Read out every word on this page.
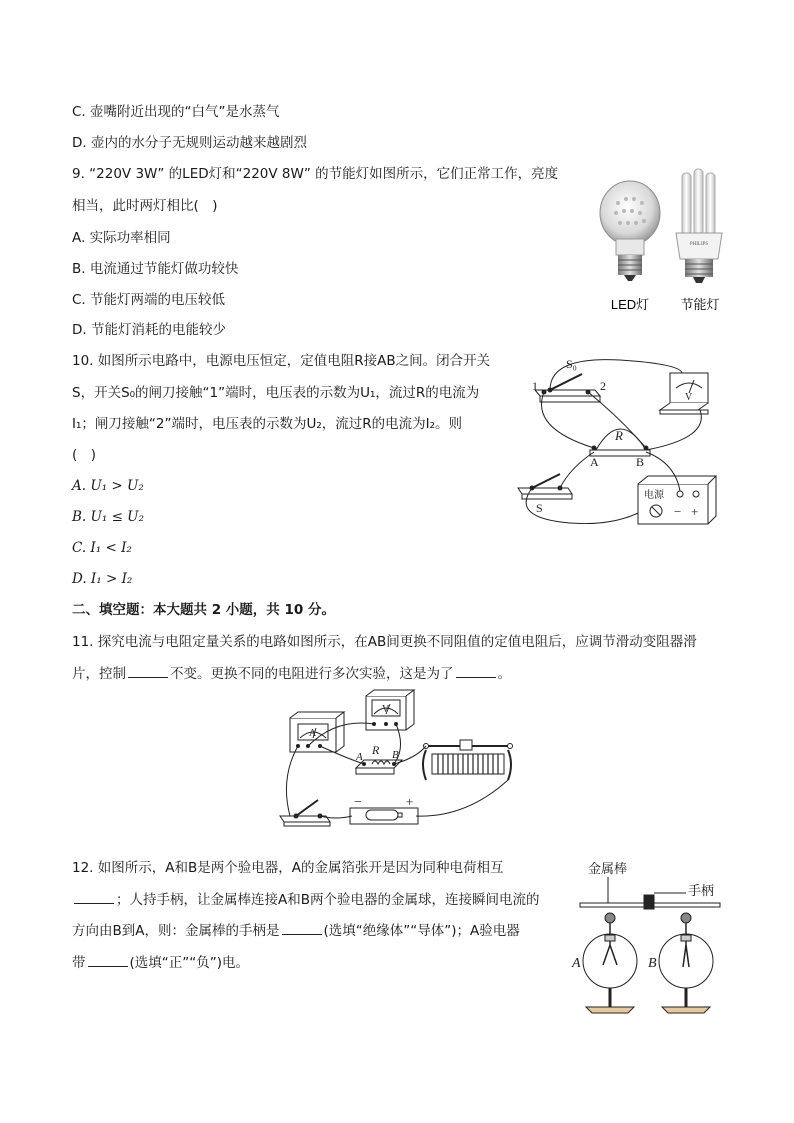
C. 壶嘴附近出现的“白气”是水蒸气
D. 壶内的水分子无规则运动越来越剧烈
9. “220V 3W” 的LED灯和“220V 8W” 的节能灯如图所示，它们正常工作，亮度
相当，此时两灯相比(　)
A. 实际功率相同
B. 电流通过节能灯做功较快
C. 节能灯两端的电压较低
D. 节能灯消耗的电能较少
PHILIPS
LED灯 节能灯
10. 如图所示电路中，电源电压恒定，定值电阻R接AB之间。闭合开关
S，开关S₀的闸刀接触“1”端时，电压表的示数为U₁，流过R的电流为
I₁；闸刀接触“2”端时，电压表的示数为U₂，流过R的电流为I₂。则
(　)
A. U₁ > U₂
B. U₁ ≤ U₂
C. I₁ < I₂
D. I₁ > I₂
S₀
1	2
V
R
A	B
S
电源
− +
二、填空题：本大题共 2 小题，共 10 分。
11. 探究电流与电阻定量关系的电路如图所示，在AB间更换不同阻值的定值电阻后，应调节滑动变阻器滑
片，控制	不变。更换不同的电阻进行多次实验，这是为了	。
A
V
R
A	B
−	+
12. 如图所示，A和B是两个验电器，A的金属箔张开是因为同种电荷相互
；人持手柄，让金属棒连接A和B两个验电器的金属球，连接瞬间电流的
方向由B到A，则：金属棒的手柄是	(选填“绝缘体”“导体”)；A验电器
带	(选填“正”“负”)电。
金属棒
手柄
A	B
